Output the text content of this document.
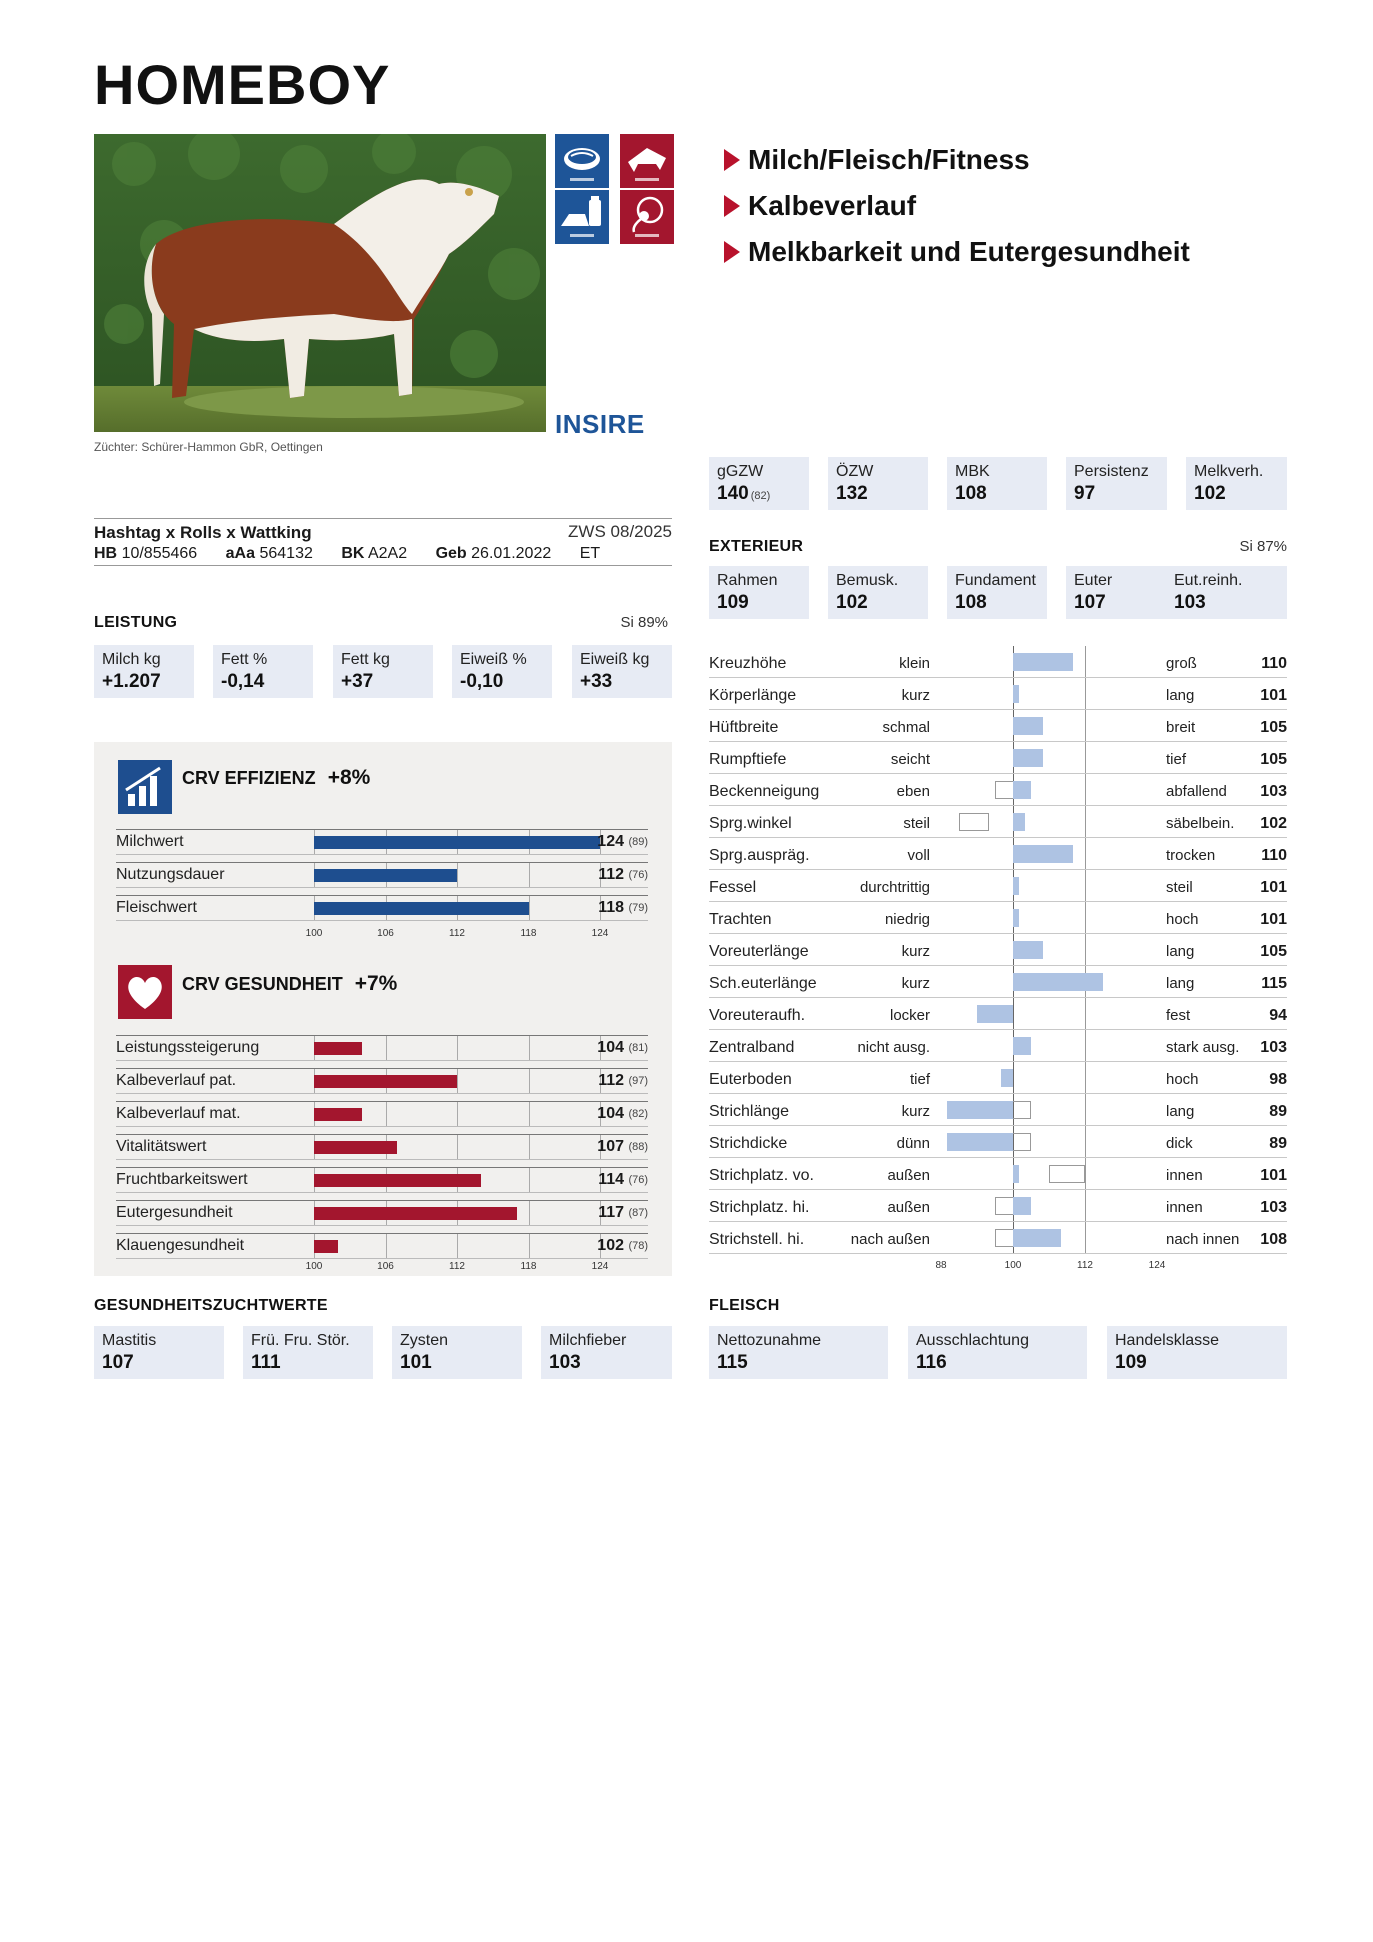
HOMEBOY
Züchter: Schürer-Hammon GbR, Oettingen
INSIRE
Milch/Fleisch/Fitness
Kalbeverlauf
Melkbarkeit und Eutergesundheit
gGZW
140 (82)
ÖZW
132
MBK
108
Persistenz
97
Melkverh.
102
Hashtag x Rolls x Wattking	ZWS 08/2025
HB 10/855466 aAa 564132 BK A2A2 Geb 26.01.2022 ET	EXTERIEUR	Si 87%
Rahmen
109
Bemusk.
102
Fundament
108
Euter
107
Eut.reinh.
103
LEISTUNG	Si 89%
Milch kg
+1.207
Fett %
-0,14
Fett kg
+37
Eiweiß %
-0,10
Eiweiß kg
+33
CRV EFFIZIENZ +8%
Milchwert	124 (89)
Nutzungsdauer	112 (76)
Fleischwert	118 (79)
100	106	112	118	124
CRV GESUNDHEIT +7%
Leistungssteigerung	104 (81)
Kalbeverlauf pat.	112 (97)
Kalbeverlauf mat.	104 (82)
Vitalitätswert	107 (88)
Fruchtbarkeitswert	114 (76)
Eutergesundheit	117 (87)
Klauengesundheit	102 (78)
100	106	112	118	124
Kreuzhöhe	klein	groß	110
Körperlänge	kurz	lang	101
Hüftbreite	schmal	breit	105
Rumpftiefe	seicht	tief	105
Beckenneigung	eben	abfallend 103
Sprg.winkel	steil	säbelbein. 102
Sprg.auspräg.	voll	trocken	110
Fessel	durchtrittig	steil	101
Trachten	niedrig	hoch	101
Voreuterlänge	kurz	lang	105
Sch.euterlänge	kurz	lang	115
Voreuteraufh.	locker	fest	94
Zentralband	nicht ausg.	stark ausg. 103
Euterboden	tief	hoch	98
Strichlänge	kurz	lang	89
Strichdicke	dünn	dick	89
Strichplatz. vo.	außen	innen	101
Strichplatz. hi.	außen	innen	103
Strichstell. hi.	nach außen	nach innen 108
88	100	112	124
GESUNDHEITSZUCHTWERTE
Mastitis
107
Frü. Fru. Stör.
111
Zysten
101
Milchfieber
103
FLEISCH
Nettozunahme
115
Ausschlachtung
116
Handelsklasse
109
